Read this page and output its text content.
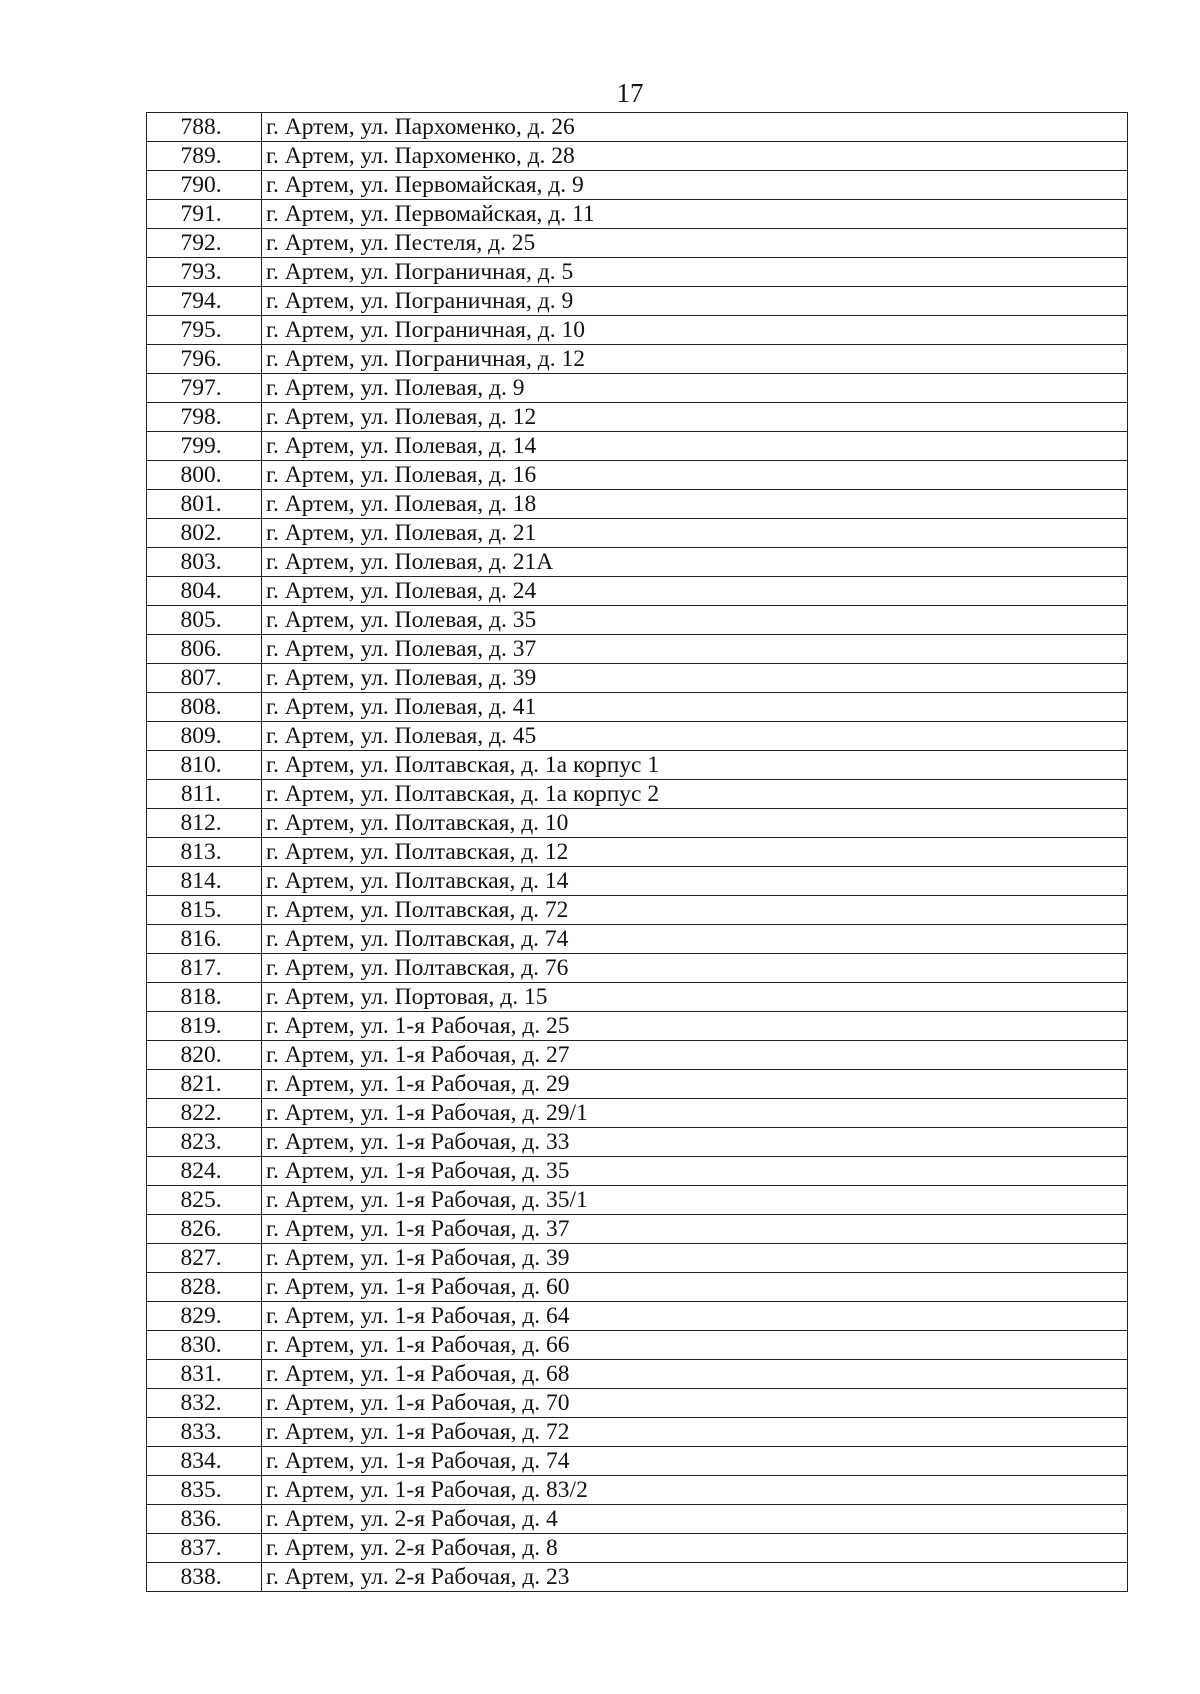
17
788.	г. Артем, ул. Пархоменко, д. 26
789.	г. Артем, ул. Пархоменко, д. 28
790.	г. Артем, ул. Первомайская, д. 9
791.	г. Артем, ул. Первомайская, д. 11
792.	г. Артем, ул. Пестеля, д. 25
793.	г. Артем, ул. Пограничная, д. 5
794.	г. Артем, ул. Пограничная, д. 9
795.	г. Артем, ул. Пограничная, д. 10
796.	г. Артем, ул. Пограничная, д. 12
797.	г. Артем, ул. Полевая, д. 9
798.	г. Артем, ул. Полевая, д. 12
799.	г. Артем, ул. Полевая, д. 14
800.	г. Артем, ул. Полевая, д. 16
801.	г. Артем, ул. Полевая, д. 18
802.	г. Артем, ул. Полевая, д. 21
803.	г. Артем, ул. Полевая, д. 21А
804.	г. Артем, ул. Полевая, д. 24
805.	г. Артем, ул. Полевая, д. 35
806.	г. Артем, ул. Полевая, д. 37
807.	г. Артем, ул. Полевая, д. 39
808.	г. Артем, ул. Полевая, д. 41
809.	г. Артем, ул. Полевая, д. 45
810.	г. Артем, ул. Полтавская, д. 1а корпус 1
811.	г. Артем, ул. Полтавская, д. 1а корпус 2
812.	г. Артем, ул. Полтавская, д. 10
813.	г. Артем, ул. Полтавская, д. 12
814.	г. Артем, ул. Полтавская, д. 14
815.	г. Артем, ул. Полтавская, д. 72
816.	г. Артем, ул. Полтавская, д. 74
817.	г. Артем, ул. Полтавская, д. 76
818.	г. Артем, ул. Портовая, д. 15
819.	г. Артем, ул. 1-я Рабочая, д. 25
820.	г. Артем, ул. 1-я Рабочая, д. 27
821.	г. Артем, ул. 1-я Рабочая, д. 29
822.	г. Артем, ул. 1-я Рабочая, д. 29/1
823.	г. Артем, ул. 1-я Рабочая, д. 33
824.	г. Артем, ул. 1-я Рабочая, д. 35
825.	г. Артем, ул. 1-я Рабочая, д. 35/1
826.	г. Артем, ул. 1-я Рабочая, д. 37
827.	г. Артем, ул. 1-я Рабочая, д. 39
828.	г. Артем, ул. 1-я Рабочая, д. 60
829.	г. Артем, ул. 1-я Рабочая, д. 64
830.	г. Артем, ул. 1-я Рабочая, д. 66
831.	г. Артем, ул. 1-я Рабочая, д. 68
832.	г. Артем, ул. 1-я Рабочая, д. 70
833.	г. Артем, ул. 1-я Рабочая, д. 72
834.	г. Артем, ул. 1-я Рабочая, д. 74
835.	г. Артем, ул. 1-я Рабочая, д. 83/2
836.	г. Артем, ул. 2-я Рабочая, д. 4
837.	г. Артем, ул. 2-я Рабочая, д. 8
838.	г. Артем, ул. 2-я Рабочая, д. 23
